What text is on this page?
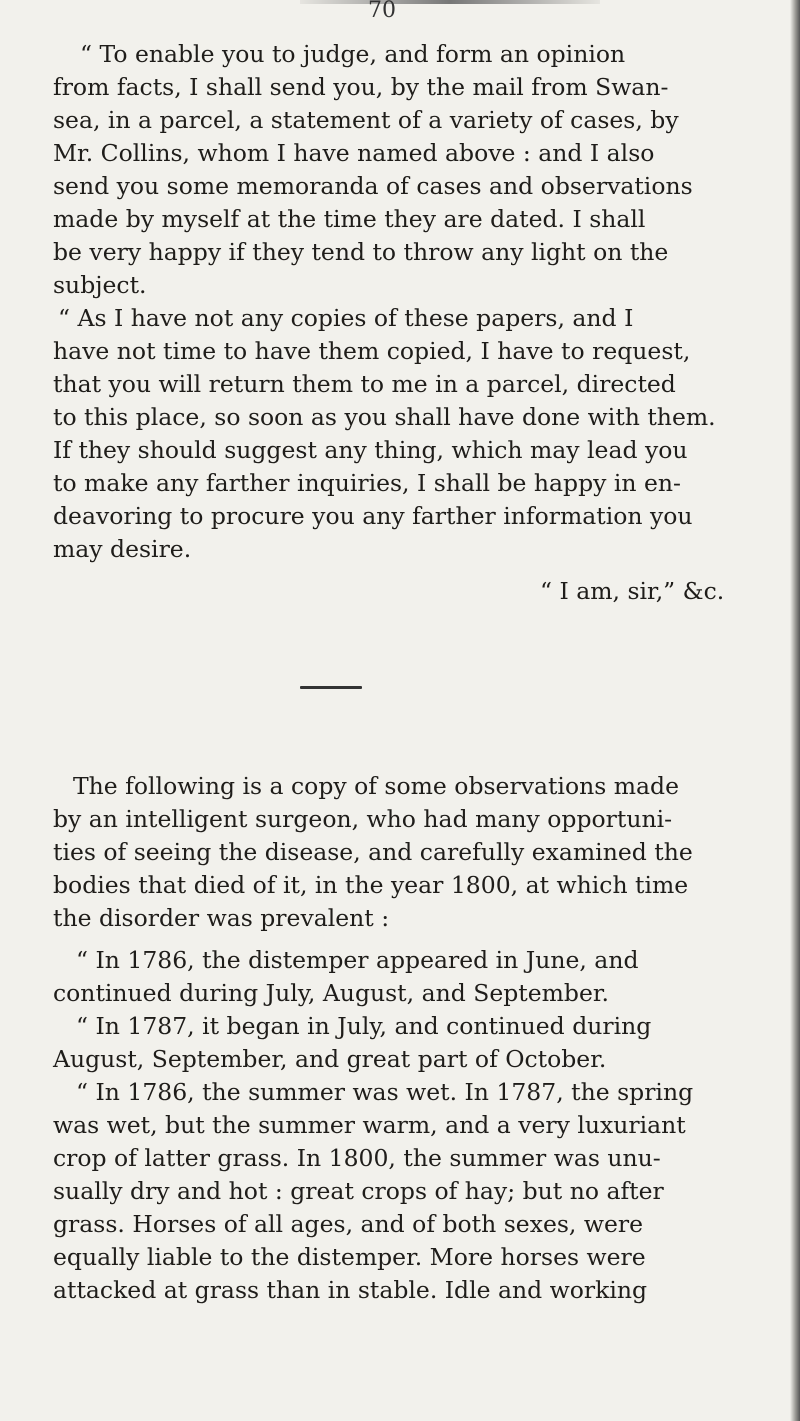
70
“ To enable you to judge, and form an opinion
from facts, I shall send you, by the mail from Swan-
sea, in a parcel, a statement of a variety of cases, by
Mr. Collins, whom I have named above : and I also
send you some memoranda of cases and observations
made by myself at the time they are dated. I shall
be very happy if they tend to throw any light on the
subject.
“ As I have not any copies of these papers, and I
have not time to have them copied, I have to request,
that you will return them to me in a parcel, directed
to this place, so soon as you shall have done with them.
If they should suggest any thing, which may lead you
to make any farther inquiries, I shall be happy in en-
deavoring to procure you any farther information you
may desire.
“ I am, sir,” &c.
The following is a copy of some observations made
by an intelligent surgeon, who had many opportuni-
ties of seeing the disease, and carefully examined the
bodies that died of it, in the year 1800, at which time
the disorder was prevalent :
“ In 1786, the distemper appeared in June, and
continued during July, August, and September.
“ In 1787, it began in July, and continued during
August, September, and great part of October.
“ In 1786, the summer was wet. In 1787, the spring
was wet, but the summer warm, and a very luxuriant
crop of latter grass. In 1800, the summer was unu-
sually dry and hot : great crops of hay; but no after
grass. Horses of all ages, and of both sexes, were
equally liable to the distemper. More horses were
attacked at grass than in stable. Idle and working
